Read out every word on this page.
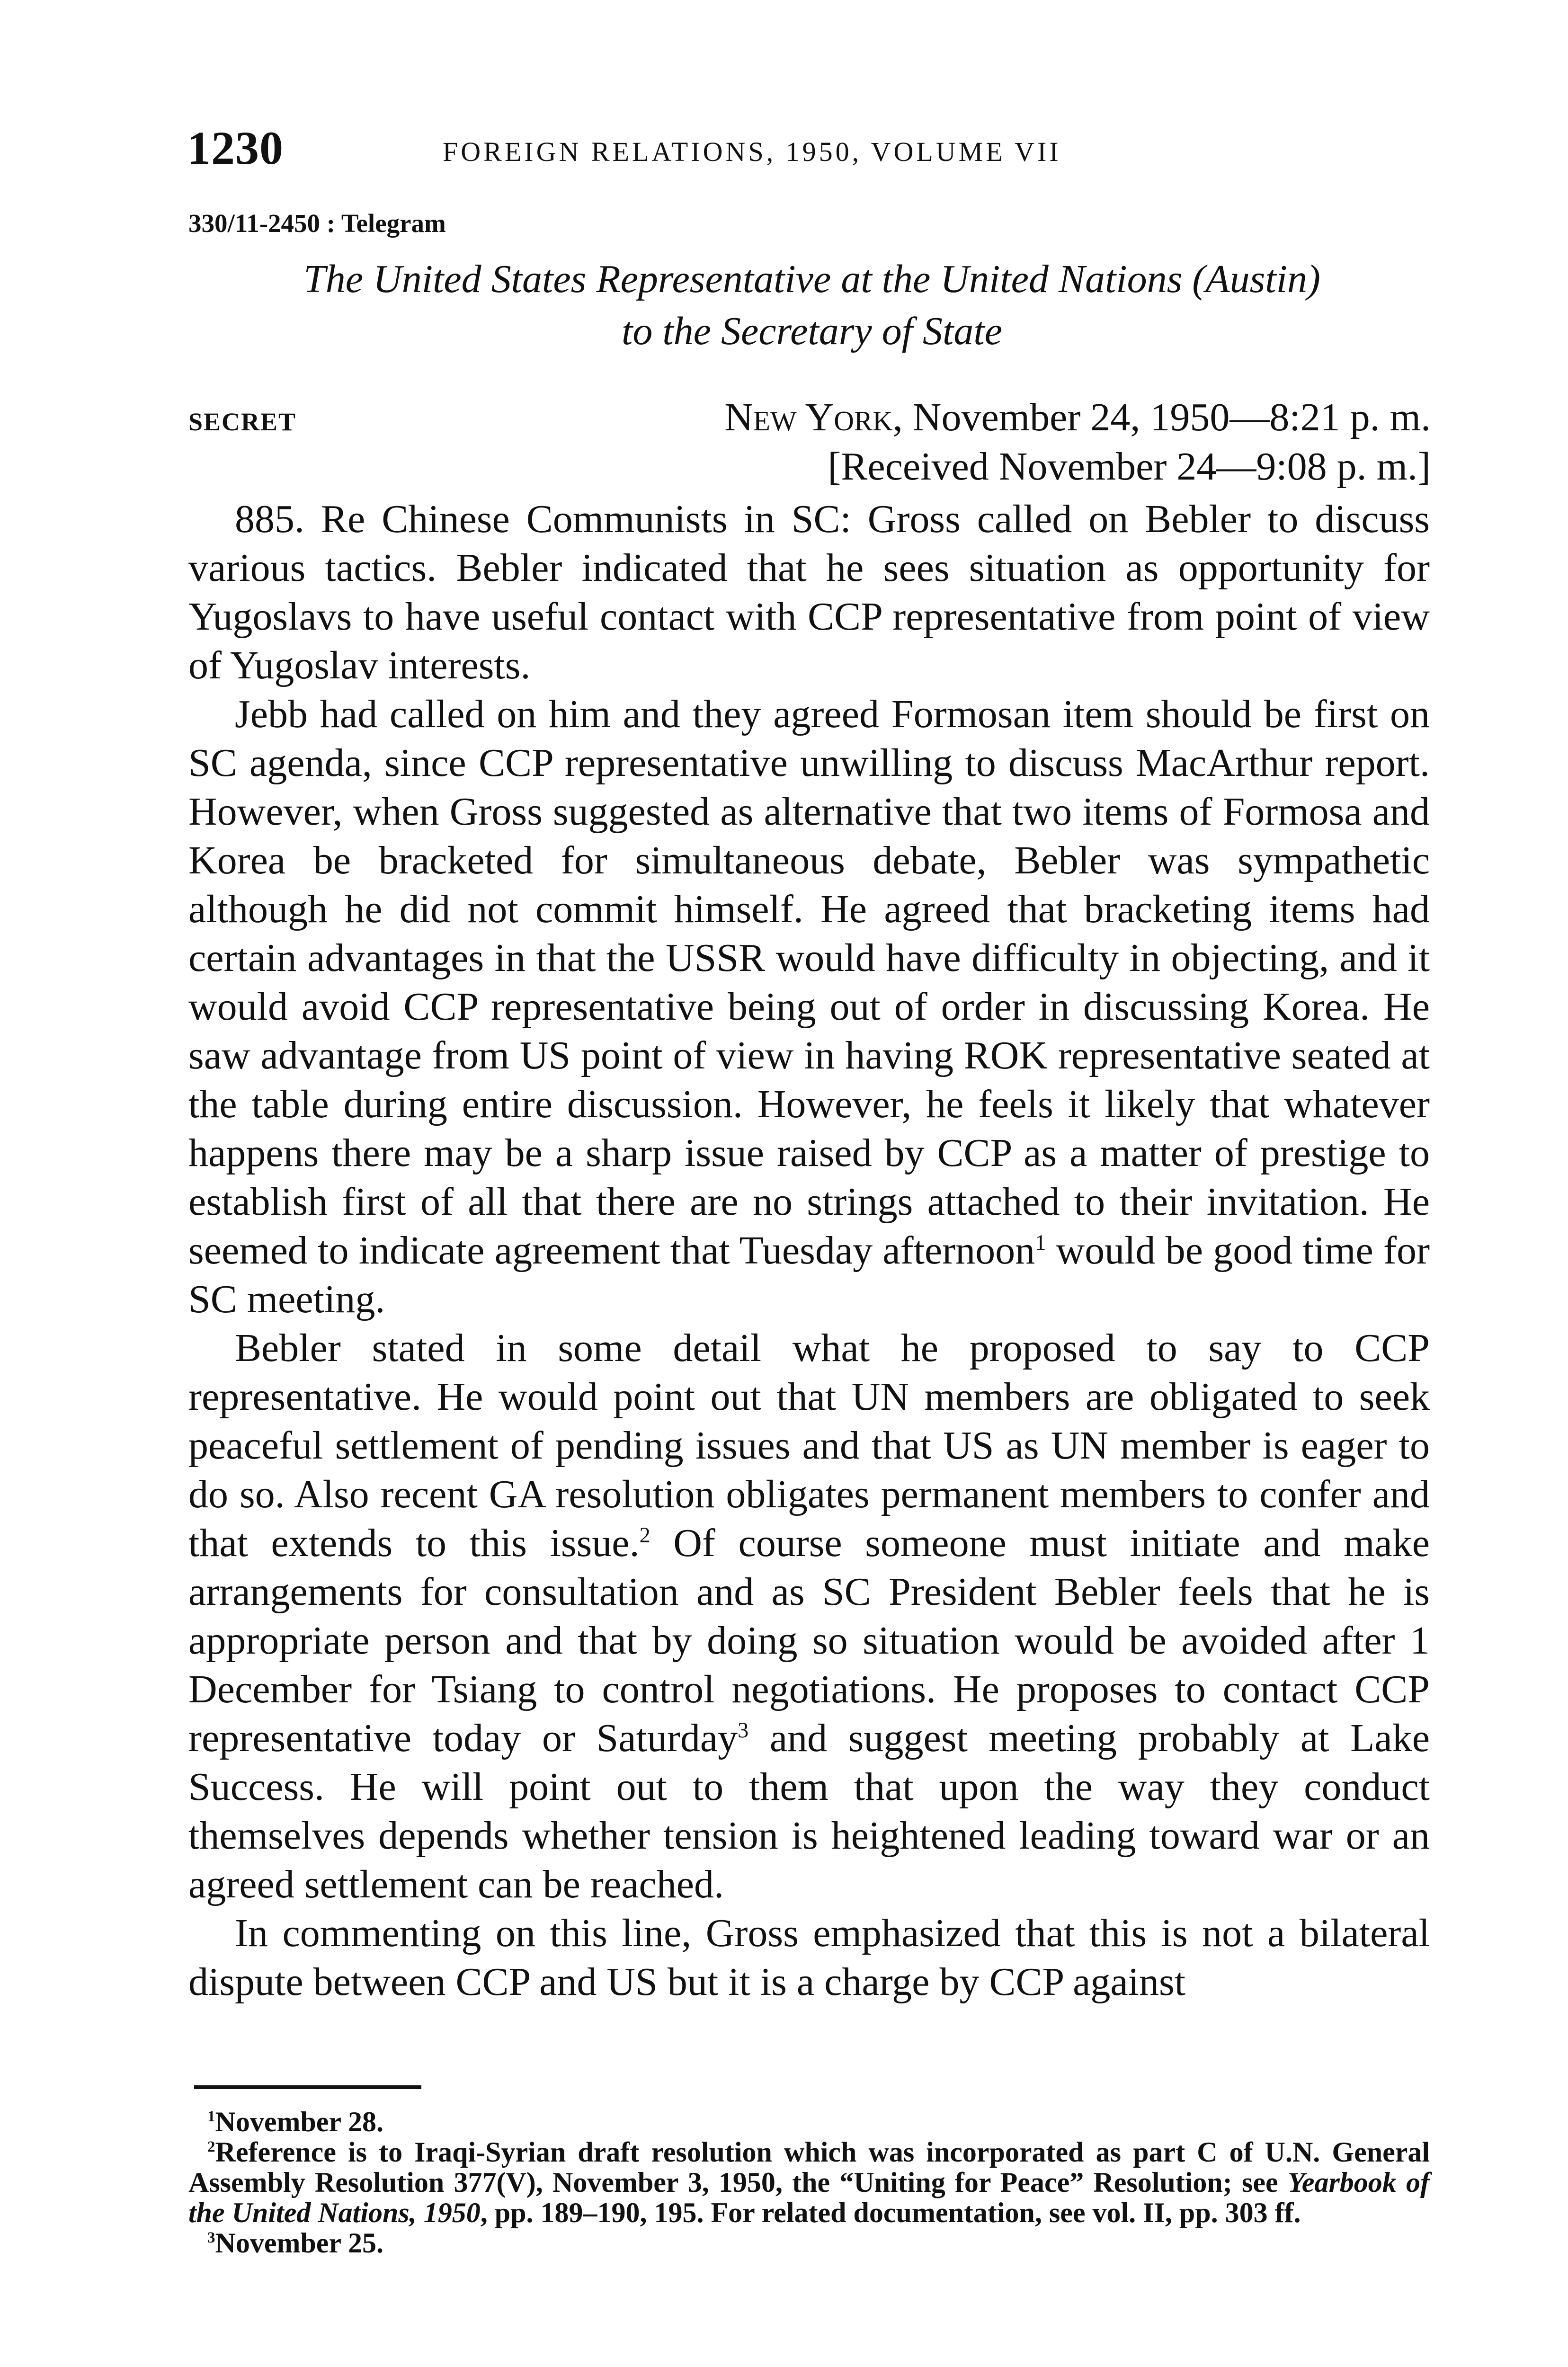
1230	FOREIGN RELATIONS, 1950, VOLUME VII
330/11-2450 : Telegram
The United States Representative at the United Nations (Austin)
to the Secretary of State
SECRET	New York, November 24, 1950—8:21 p. m.
[Received November 24—9:08 p. m.]

885. Re Chinese Communists in SC: Gross called on Bebler to discuss various tactics. Bebler indicated that he sees situation as opportunity for Yugoslavs to have useful contact with CCP representative from point of view of Yugoslav interests.

Jebb had called on him and they agreed Formosan item should be first on SC agenda, since CCP representative unwilling to discuss MacArthur report. However, when Gross suggested as alternative that two items of Formosa and Korea be bracketed for simultaneous debate, Bebler was sympathetic although he did not commit himself. He agreed that bracketing items had certain advantages in that the USSR would have difficulty in objecting, and it would avoid CCP representative being out of order in discussing Korea. He saw advantage from US point of view in having ROK representative seated at the table during entire discussion. However, he feels it likely that whatever happens there may be a sharp issue raised by CCP as a matter of prestige to establish first of all that there are no strings attached to their invitation. He seemed to indicate agreement that Tuesday afternoon$^1$ would be good time for SC meeting.

Bebler stated in some detail what he proposed to say to CCP representative. He would point out that UN members are obligated to seek peaceful settlement of pending issues and that US as UN member is eager to do so. Also recent GA resolution obligates permanent members to confer and that extends to this issue.$^2$ Of course someone must initiate and make arrangements for consultation and as SC President Bebler feels that he is appropriate person and that by doing so situation would be avoided after 1 December for Tsiang to control negotiations. He proposes to contact CCP representative today or Saturday$^3$ and suggest meeting probably at Lake Success. He will point out to them that upon the way they conduct themselves depends whether tension is heightened leading toward war or an agreed settlement can be reached.

In commenting on this line, Gross emphasized that this is not a bilateral dispute between CCP and US but it is a charge by CCP against

$^1$November 28.

$^2$Reference is to Iraqi-Syrian draft resolution which was incorporated as part C of U.N. General Assembly Resolution 377(V), November 3, 1950, the “Uniting for Peace” Resolution; see Yearbook of the United Nations, 1950, pp. 189–190, 195. For related documentation, see vol. II, pp. 303 ff.

$^3$November 25.
